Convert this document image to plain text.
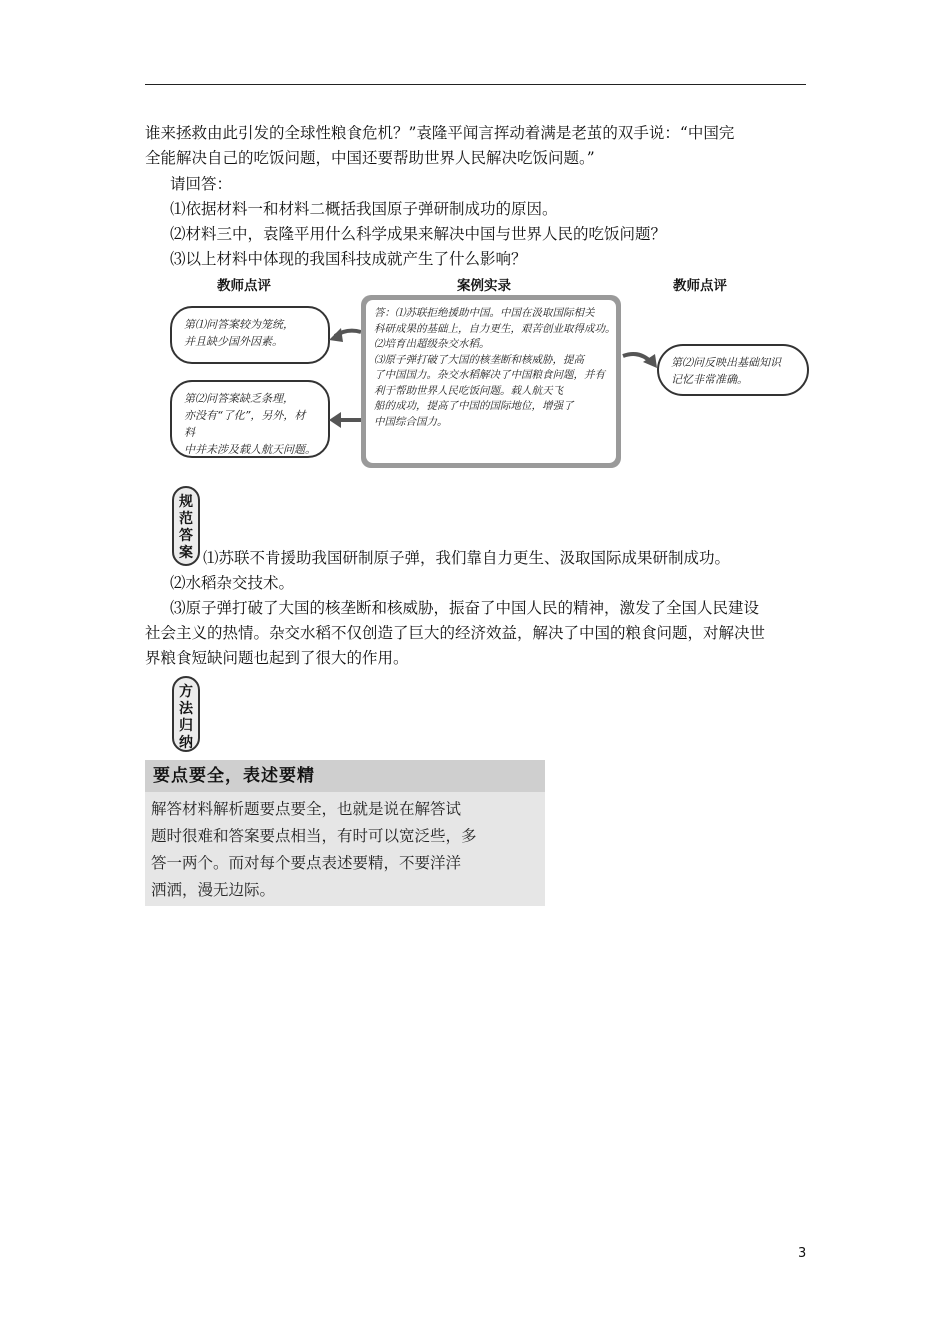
谁来拯救由此引发的全球性粮食危机？”袁隆平闻言挥动着满是老茧的双手说：“中国完
全能解决自己的吃饭问题，中国还要帮助世界人民解决吃饭问题。”
请回答：
⑴依据材料一和材料二概括我国原子弹研制成功的原因。
⑵材料三中，袁隆平用什么科学成果来解决中国与世界人民的吃饭问题？
⑶以上材料中体现的我国科技成就产生了什么影响？
教师点评	案例实录	教师点评
第⑴问答案较为笼统，
并且缺少国外因素。
第⑵问答案缺乏条理，
亦没有“了化”，另外，材料
中并未涉及载人航天问题。
答：⑴苏联拒绝援助中国。中国在汲取国际相关
科研成果的基础上，自力更生，艰苦创业取得成功。
⑵培育出超级杂交水稻。
⑶原子弹打破了大国的核垄断和核威胁，提高
了中国国力。杂交水稻解决了中国粮食问题，并有
利于帮助世界人民吃饭问题。载人航天飞
船的成功，提高了中国的国际地位，增强了
中国综合国力。
第⑵问反映出基础知识
记忆非常准确。
规
范
答
案 ⑴苏联不肯援助我国研制原子弹，我们靠自力更生、汲取国际成果研制成功。
⑵水稻杂交技术。
⑶原子弹打破了大国的核垄断和核威胁，振奋了中国人民的精神，激发了全国人民建设
社会主义的热情。杂交水稻不仅创造了巨大的经济效益，解决了中国的粮食问题，对解决世
界粮食短缺问题也起到了很大的作用。
方
法
归
纳
要点要全，表述要精
解答材料解析题要点要全，也就是说在解答试
题时很难和答案要点相当，有时可以宽泛些，多
答一两个。而对每个要点表述要精，不要洋洋
洒洒，漫无边际。
3
